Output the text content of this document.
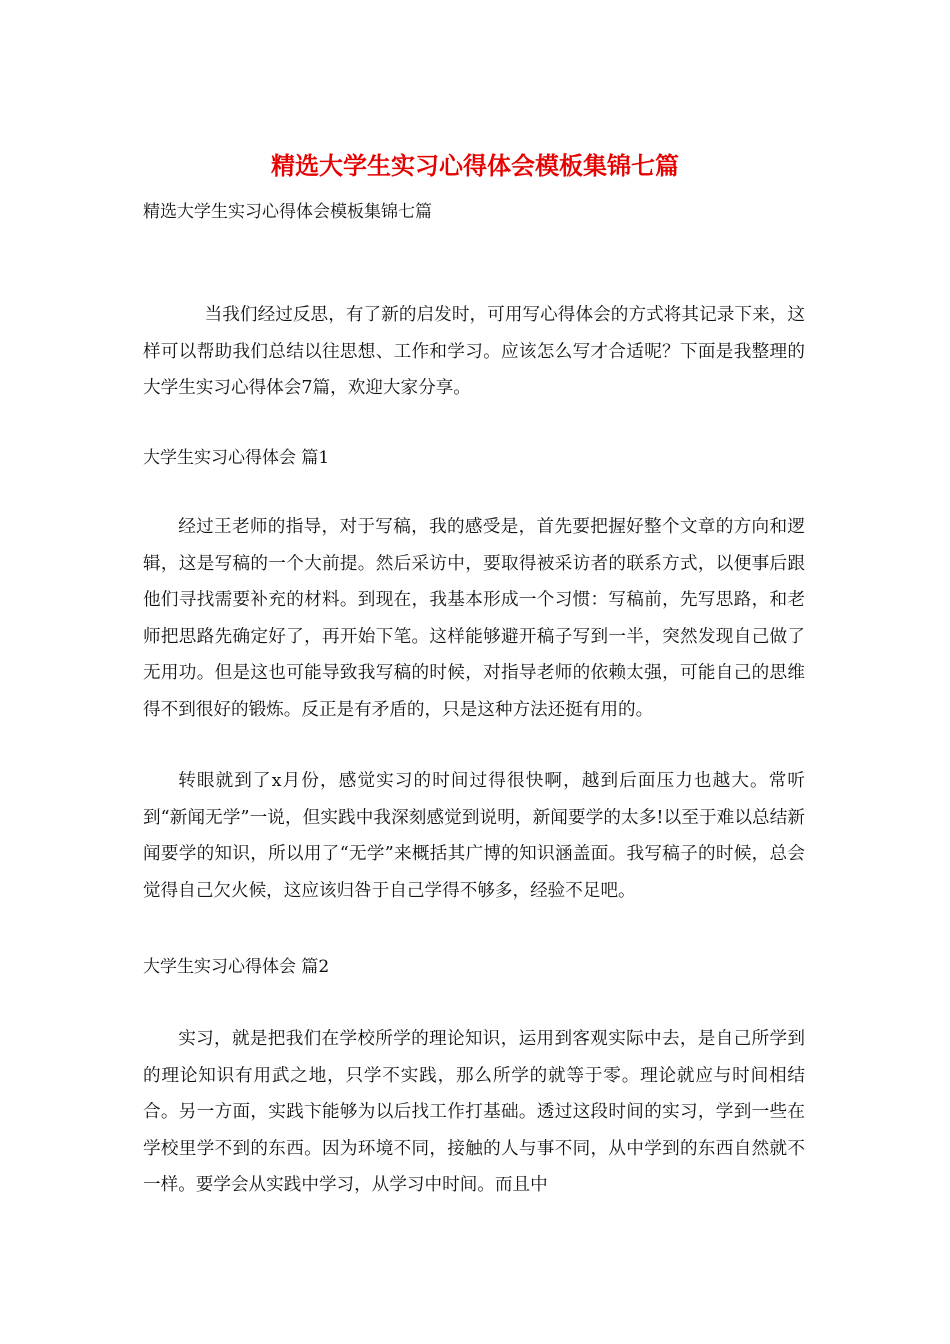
精选大学生实习心得体会模板集锦七篇

精选大学生实习心得体会模板集锦七篇

当我们经过反思，有了新的启发时，可用写心得体会的方式将其记录下来，这样可以帮助我们总结以往思想、工作和学习。应该怎么写才合适呢？下面是我整理的大学生实习心得体会7篇，欢迎大家分享。

大学生实习心得体会 篇1

经过王老师的指导，对于写稿，我的感受是，首先要把握好整个文章的方向和逻辑，这是写稿的一个大前提。然后采访中，要取得被采访者的联系方式，以便事后跟他们寻找需要补充的材料。到现在，我基本形成一个习惯：写稿前，先写思路，和老师把思路先确定好了，再开始下笔。这样能够避开稿子写到一半，突然发现自己做了无用功。但是这也可能导致我写稿的时候，对指导老师的依赖太强，可能自己的思维得不到很好的锻炼。反正是有矛盾的，只是这种方法还挺有用的。

转眼就到了x月份，感觉实习的时间过得很快啊，越到后面压力也越大。常听到“新闻无学”一说，但实践中我深刻感觉到说明，新闻要学的太多!以至于难以总结新闻要学的知识，所以用了“无学”来概括其广博的知识涵盖面。我写稿子的时候，总会觉得自己欠火候，这应该归咎于自己学得不够多，经验不足吧。

大学生实习心得体会 篇2

实习，就是把我们在学校所学的理论知识，运用到客观实际中去，是自己所学到的理论知识有用武之地，只学不实践，那么所学的就等于零。理论就应与时间相结合。另一方面，实践卞能够为以后找工作打基础。透过这段时间的实习，学到一些在学校里学不到的东西。因为环境不同，接触的人与事不同，从中学到的东西自然就不一样。要学会从实践中学习，从学习中时间。而且中
